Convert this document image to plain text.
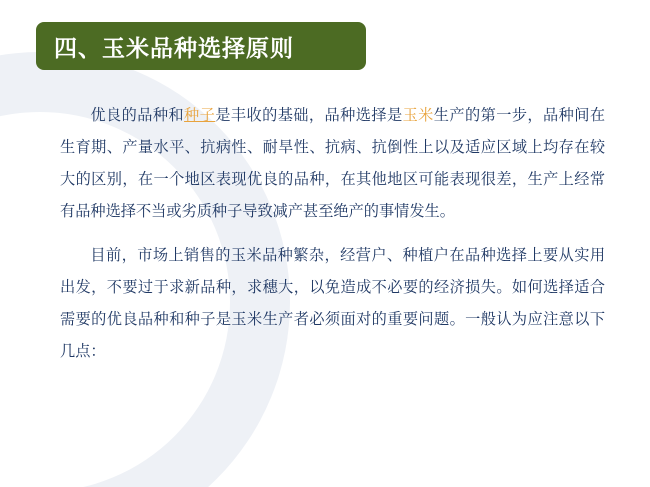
四、玉米品种选择原则

优良的品种和种子是丰收的基础，品种选择是玉米生产的第一步，品种间在生育期、产量水平、抗病性、耐旱性、抗病、抗倒性上以及适应区域上均存在较大的区别，在一个地区表现优良的品种，在其他地区可能表现很差，生产上经常有品种选择不当或劣质种子导致减产甚至绝产的事情发生。

目前，市场上销售的玉米品种繁杂，经营户、种植户在品种选择上要从实用出发，不要过于求新品种，求穗大，以免造成不必要的经济损失。如何选择适合需要的优良品种和种子是玉米生产者必须面对的重要问题。一般认为应注意以下几点：
